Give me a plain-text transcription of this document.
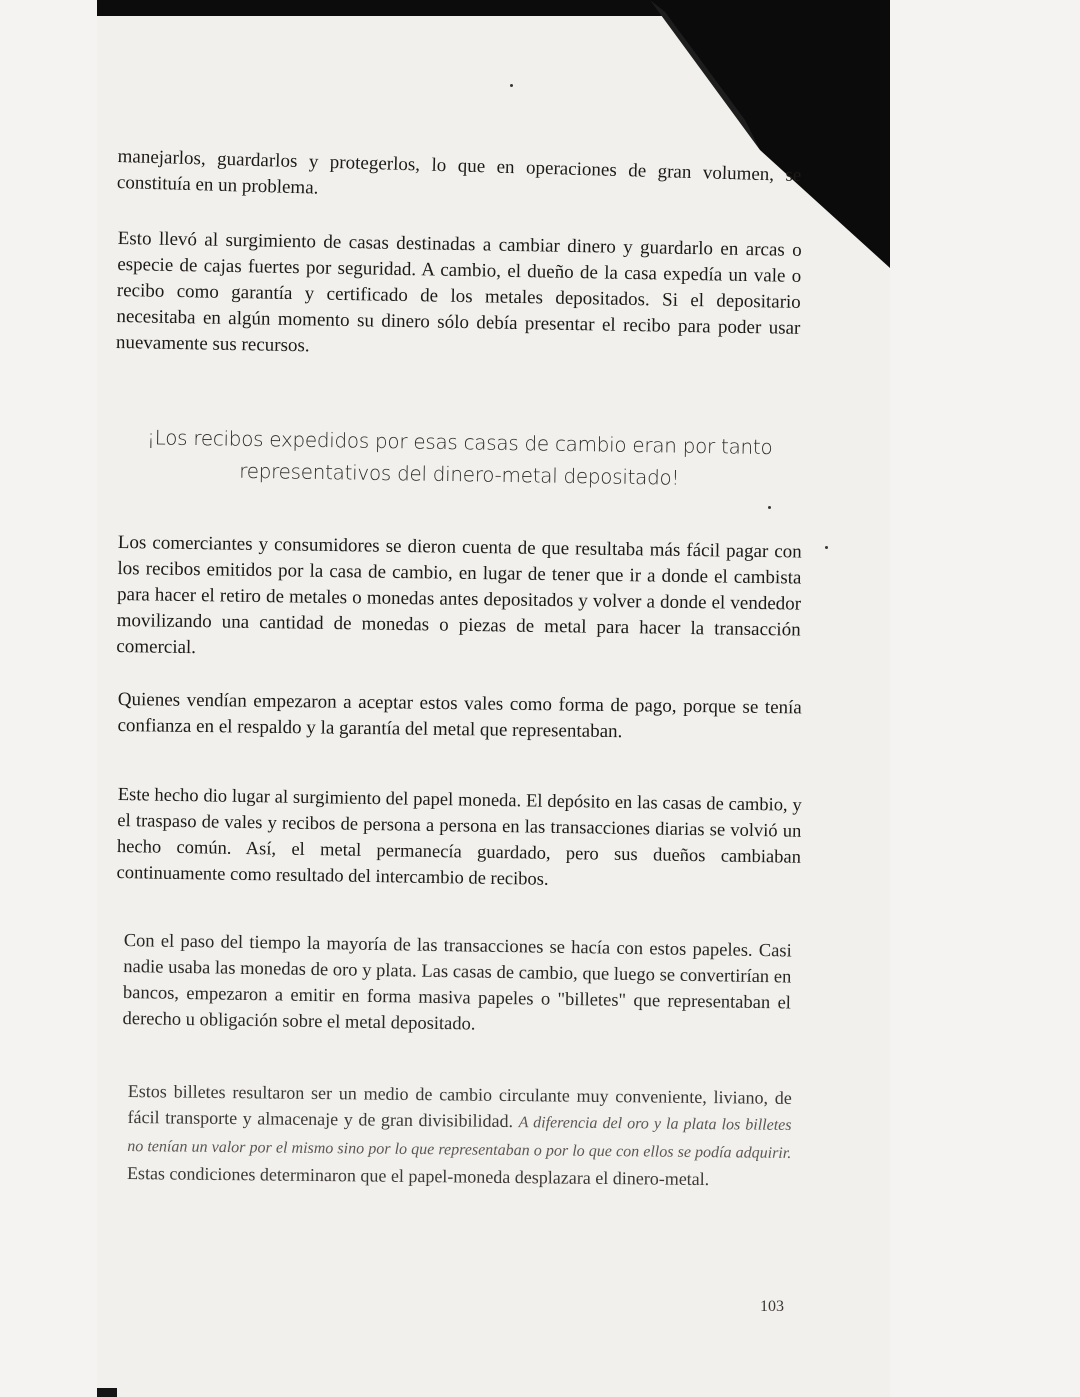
manejarlos, guardarlos y protegerlos, lo que en operaciones de gran volumen, se constituía en un problema.

Esto llevó al surgimiento de casas destinadas a cambiar dinero y guardarlo en arcas o especie de cajas fuertes por seguridad. A cambio, el dueño de la casa expedía un vale o recibo como garantía y certificado de los metales depositados. Si el depositario necesitaba en algún momento su dinero sólo debía presentar el recibo para poder usar nuevamente sus recursos.

¡Los recibos expedidos por esas casas de cambio eran por tanto representativos del dinero-metal depositado!

Los comerciantes y consumidores se dieron cuenta de que resultaba más fácil pagar con los recibos emitidos por la casa de cambio, en lugar de tener que ir a donde el cambista para hacer el retiro de metales o monedas antes depositados y volver a donde el vendedor movilizando una cantidad de monedas o piezas de metal para hacer la transacción comercial.

Quienes vendían empezaron a aceptar estos vales como forma de pago, porque se tenía confianza en el respaldo y la garantía del metal que representaban.

Este hecho dio lugar al surgimiento del papel moneda. El depósito en las casas de cambio, y el traspaso de vales y recibos de persona a persona en las transacciones diarias se volvió un hecho común. Así, el metal permanecía guardado, pero sus dueños cambiaban continuamente como resultado del intercambio de recibos.

Con el paso del tiempo la mayoría de las transacciones se hacía con estos papeles. Casi nadie usaba las monedas de oro y plata. Las casas de cambio, que luego se convertirían en bancos, empezaron a emitir en forma masiva papeles o "billetes" que representaban el derecho u obligación sobre el metal depositado.

Estos billetes resultaron ser un medio de cambio circulante muy conveniente, liviano, de fácil transporte y almacenaje y de gran divisibilidad. A diferencia del oro y la plata los billetes no tenían un valor por el mismo sino por lo que representaban o por lo que con ellos se podía adquirir. Estas condiciones determinaron que el papel-moneda desplazara el dinero-metal.

103
